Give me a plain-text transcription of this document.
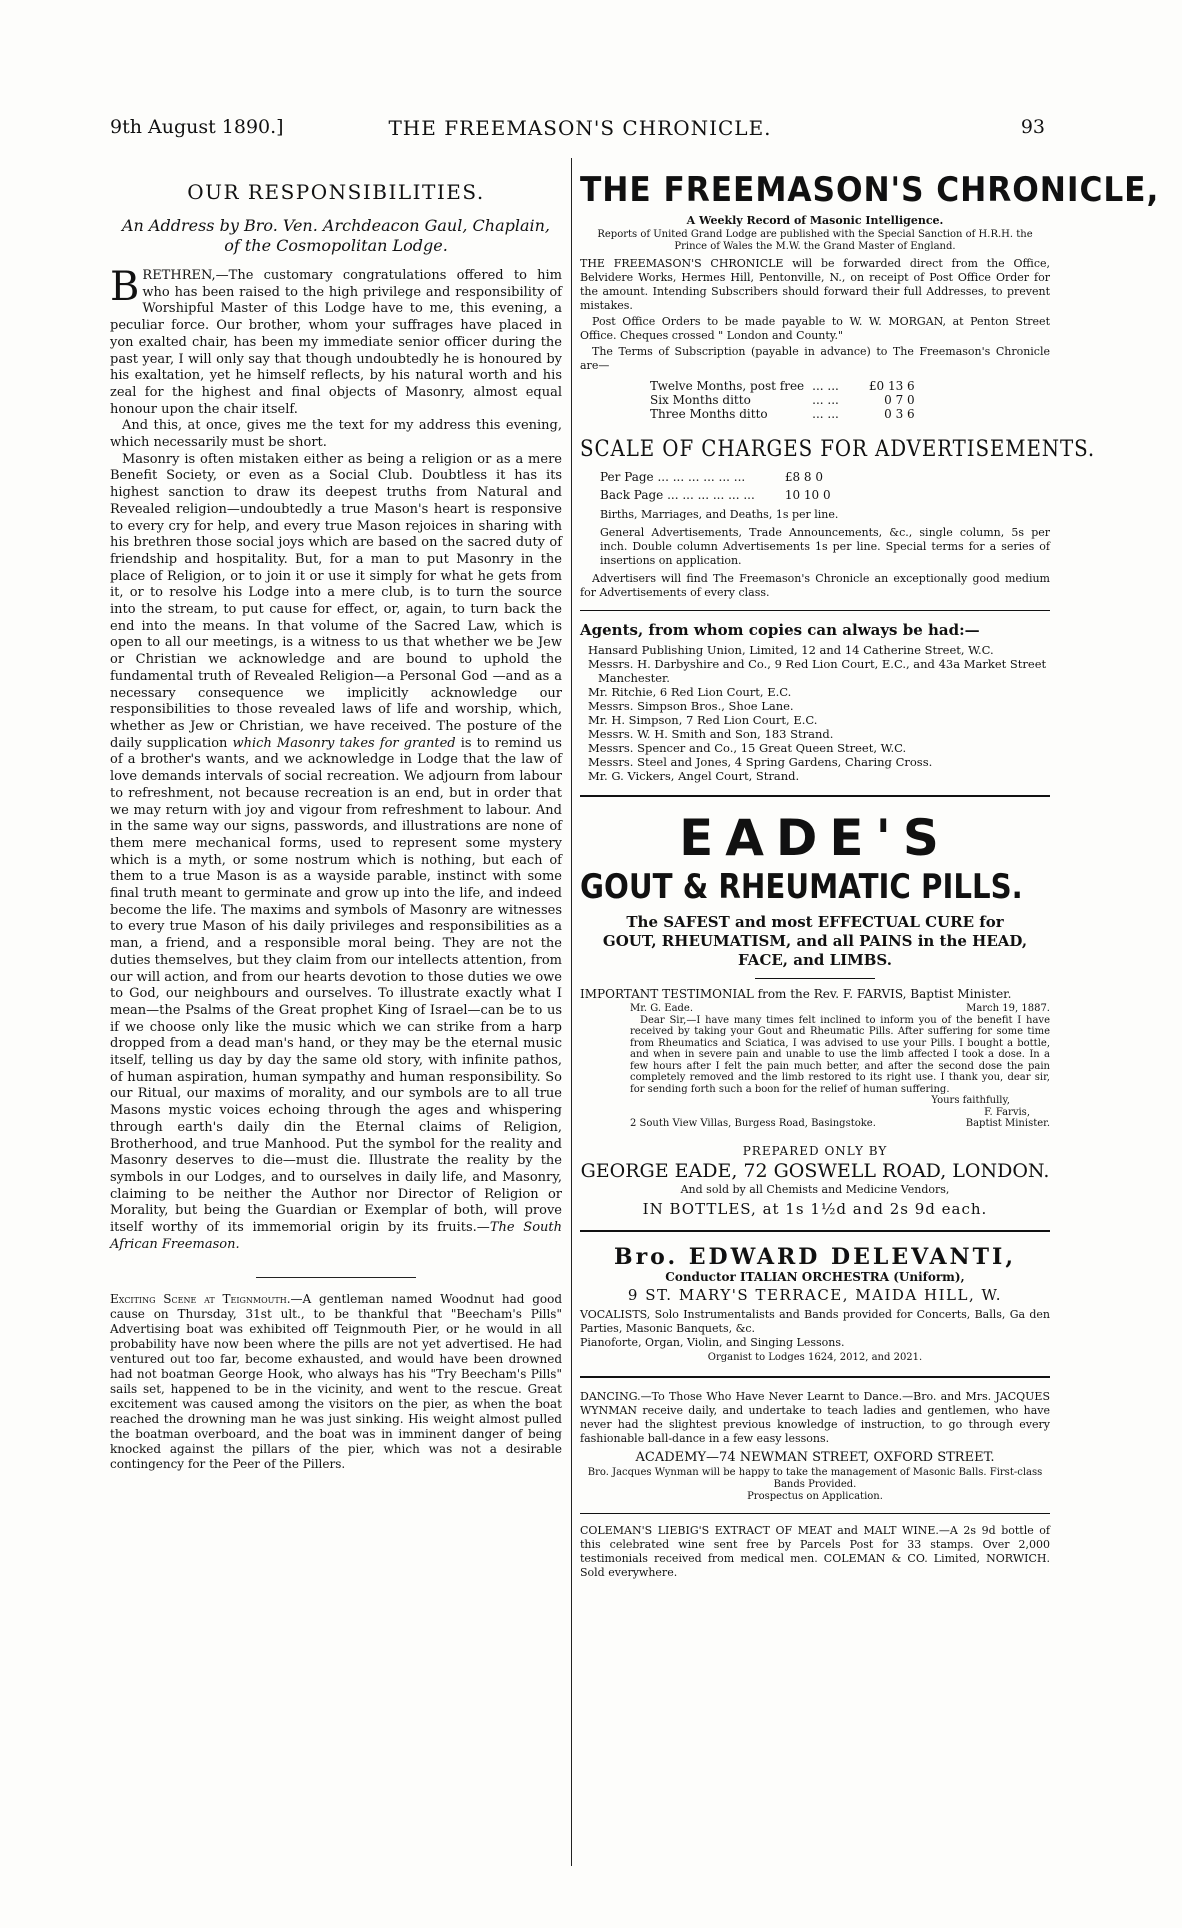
9th August 1890.]	THE FREEMASON'S CHRONICLE.	93
OUR RESPONSIBILITIES.
An Address by Bro. Ven. Archdeacon Gaul, Chaplain,
of the Cosmopolitan Lodge.

BRETHREN,—The customary congratulations offered to him who has been raised to the high privilege and responsibility of Worshipful Master of this Lodge have to me, this evening, a peculiar force. Our brother, whom your suffrages have placed in yon exalted chair, has been my immediate senior officer during the past year, I will only say that though undoubtedly he is honoured by his exaltation, yet he himself reflects, by his natural worth and his zeal for the highest and final objects of Masonry, almost equal honour upon the chair itself.

And this, at once, gives me the text for my address this evening, which necessarily must be short.

Masonry is often mistaken either as being a religion or as a mere Benefit Society, or even as a Social Club. Doubtless it has its highest sanction to draw its deepest truths from Natural and Revealed religion—undoubtedly a true Mason's heart is responsive to every cry for help, and every true Mason rejoices in sharing with his brethren those social joys which are based on the sacred duty of friendship and hospitality. But, for a man to put Masonry in the place of Religion, or to join it or use it simply for what he gets from it, or to resolve his Lodge into a mere club, is to turn the source into the stream, to put cause for effect, or, again, to turn back the end into the means. In that volume of the Sacred Law, which is open to all our meetings, is a witness to us that whether we be Jew or Christian we acknowledge and are bound to uphold the fundamental truth of Revealed Religion—a Personal God —and as a necessary consequence we implicitly acknowledge our responsibilities to those revealed laws of life and worship, which, whether as Jew or Christian, we have received. The posture of the daily supplication which Masonry takes for granted is to remind us of a brother's wants, and we acknowledge in Lodge that the law of love demands intervals of social recreation. We adjourn from labour to refreshment, not because recreation is an end, but in order that we may return with joy and vigour from refreshment to labour. And in the same way our signs, passwords, and illustrations are none of them mere mechanical forms, used to represent some mystery which is a myth, or some nostrum which is nothing, but each of them to a true Mason is as a wayside parable, instinct with some final truth meant to germinate and grow up into the life, and indeed become the life. The maxims and symbols of Masonry are witnesses to every true Mason of his daily privileges and responsibilities as a man, a friend, and a responsible moral being. They are not the duties themselves, but they claim from our intellects attention, from our will action, and from our hearts devotion to those duties we owe to God, our neighbours and ourselves. To illustrate exactly what I mean—the Psalms of the Great prophet King of Israel—can be to us if we choose only like the music which we can strike from a harp dropped from a dead man's hand, or they may be the eternal music itself, telling us day by day the same old story, with infinite pathos, of human aspiration, human sympathy and human responsibility. So our Ritual, our maxims of morality, and our symbols are to all true Masons mystic voices echoing through the ages and whispering through earth's daily din the Eternal claims of Religion, Brotherhood, and true Manhood. Put the symbol for the reality and Masonry deserves to die—must die. Illustrate the reality by the symbols in our Lodges, and to ourselves in daily life, and Masonry, claiming to be neither the Author nor Director of Religion or Morality, but being the Guardian or Exemplar of both, will prove itself worthy of its immemorial origin by its fruits.—The South African Freemason.

Exciting Scene at Teignmouth.—A gentleman named Woodnut had good cause on Thursday, 31st ult., to be thankful that "Beecham's Pills" Advertising boat was exhibited off Teignmouth Pier, or he would in all probability have now been where the pills are not yet advertised. He had ventured out too far, become exhausted, and would have been drowned had not boatman George Hook, who always has his "Try Beecham's Pills" sails set, happened to be in the vicinity, and went to the rescue. Great excitement was caused among the visitors on the pier, as when the boat reached the drowning man he was just sinking. His weight almost pulled the boatman overboard, and the boat was in imminent danger of being knocked against the pillars of the pier, which was not a desirable contingency for the Peer of the Pillers.

THE FREEMASON'S CHRONICLE,
A Weekly Record of Masonic Intelligence.
Reports of United Grand Lodge are published with the Special Sanction of H.R.H. the Prince of Wales the M.W. the Grand Master of England.

THE FREEMASON'S CHRONICLE will be forwarded direct from the Office, Belvidere Works, Hermes Hill, Pentonville, N., on receipt of Post Office Order for the amount. Intending Subscribers should forward their full Addresses, to prevent mistakes.

Post Office Orders to be made payable to W. W. MORGAN, at Penton Street Office. Cheques crossed " London and County."

The Terms of Subscription (payable in advance) to The Freemason's Chronicle are—

Twelve Months, post free	... ...	£0 13 6
Six Months ditto	... ...	0 7 0
Three Months ditto	... ...	0 3 6
SCALE OF CHARGES FOR ADVERTISEMENTS.
Per Page ... ... ... ... ... ...	£8 8 0
Back Page ... ... ... ... ... ...	10 10 0

Births, Marriages, and Deaths, 1s per line.

General Advertisements, Trade Announcements, &c., single column, 5s per inch. Double column Advertisements 1s per line. Special terms for a series of insertions on application.

Advertisers will find The Freemason's Chronicle an exceptionally good medium for Advertisements of every class.

Agents, from whom copies can always be had:—

Hansard Publishing Union, Limited, 12 and 14 Catherine Street, W.C.

Messrs. H. Darbyshire and Co., 9 Red Lion Court, E.C., and 43a Market Street Manchester.

Mr. Ritchie, 6 Red Lion Court, E.C.

Messrs. Simpson Bros., Shoe Lane.

Mr. H. Simpson, 7 Red Lion Court, E.C.

Messrs. W. H. Smith and Son, 183 Strand.

Messrs. Spencer and Co., 15 Great Queen Street, W.C.

Messrs. Steel and Jones, 4 Spring Gardens, Charing Cross.

Mr. G. Vickers, Angel Court, Strand.

EADE'S
GOUT & RHEUMATIC PILLS.

The SAFEST and most EFFECTUAL CURE for

GOUT, RHEUMATISM, and all PAINS in the HEAD, FACE, and LIMBS.

IMPORTANT TESTIMONIAL from the Rev. F. FARVIS, Baptist Minister.

Mr. G. Eade.	March 19, 1887.
Dear Sir,—I have many times felt inclined to inform you of the benefit I have received by taking your Gout and Rheumatic Pills. After suffering for some time from Rheumatics and Sciatica, I was advised to use your Pills. I bought a bottle, and when in severe pain and unable to use the limb affected I took a dose. In a few hours after I felt the pain much better, and after the second dose the pain completely removed and the limb restored to its right use. I thank you, dear sir, for sending forth such a boon for the relief of human suffering.
Yours faithfully,
F. Farvis,
2 South View Villas, Burgess Road, Basingstoke.	Baptist Minister.
PREPARED ONLY BY
GEORGE EADE, 72 GOSWELL ROAD, LONDON.
And sold by all Chemists and Medicine Vendors,
IN BOTTLES, at 1s 1½d and 2s 9d each.
Bro. EDWARD DELEVANTI,
Conductor ITALIAN ORCHESTRA (Uniform),
9 ST. MARY'S TERRACE, MAIDA HILL, W.

VOCALISTS, Solo Instrumentalists and Bands provided for Concerts, Balls, Ga den Parties, Masonic Banquets, &c.

Pianoforte, Organ, Violin, and Singing Lessons.

Organist to Lodges 1624, 2012, and 2021.

DANCING.—To Those Who Have Never Learnt to Dance.—Bro. and Mrs. JACQUES WYNMAN receive daily, and undertake to teach ladies and gentlemen, who have never had the slightest previous knowledge of instruction, to go through every fashionable ball-dance in a few easy lessons.

ACADEMY—74 NEWMAN STREET, OXFORD STREET.
Bro. Jacques Wynman will be happy to take the management of Masonic Balls. First-class Bands Provided.
Prospectus on Application.

COLEMAN'S LIEBIG'S EXTRACT OF MEAT and MALT WINE.—A 2s 9d bottle of this celebrated wine sent free by Parcels Post for 33 stamps. Over 2,000 testimonials received from medical men. COLEMAN & CO. Limited, NORWICH. Sold everywhere.
